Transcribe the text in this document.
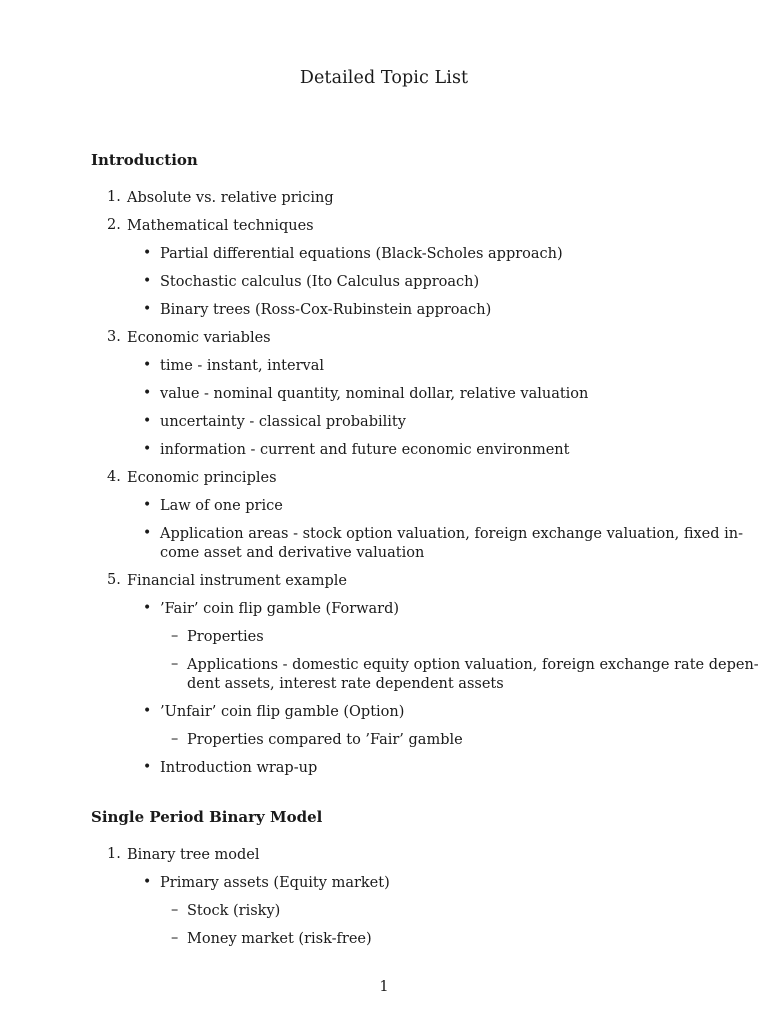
Detailed Topic List
Introduction
1. Absolute vs. relative pricing
2. Mathematical techniques
• Partial differential equations (Black-Scholes approach)
• Stochastic calculus (Ito Calculus approach)
• Binary trees (Ross-Cox-Rubinstein approach)
3. Economic variables
• time - instant, interval
• value - nominal quantity, nominal dollar, relative valuation
• uncertainty - classical probability
• information - current and future economic environment
4. Economic principles
• Law of one price
• Application areas - stock option valuation, foreign exchange valuation, fixed in-
come asset and derivative valuation
5. Financial instrument example
• ’Fair’ coin flip gamble (Forward)
– Properties
– Applications - domestic equity option valuation, foreign exchange rate depen-
dent assets, interest rate dependent assets
• ’Unfair’ coin flip gamble (Option)
– Properties compared to ’Fair’ gamble
• Introduction wrap-up
Single Period Binary Model
1. Binary tree model
• Primary assets (Equity market)
– Stock (risky)
– Money market (risk-free)
1
